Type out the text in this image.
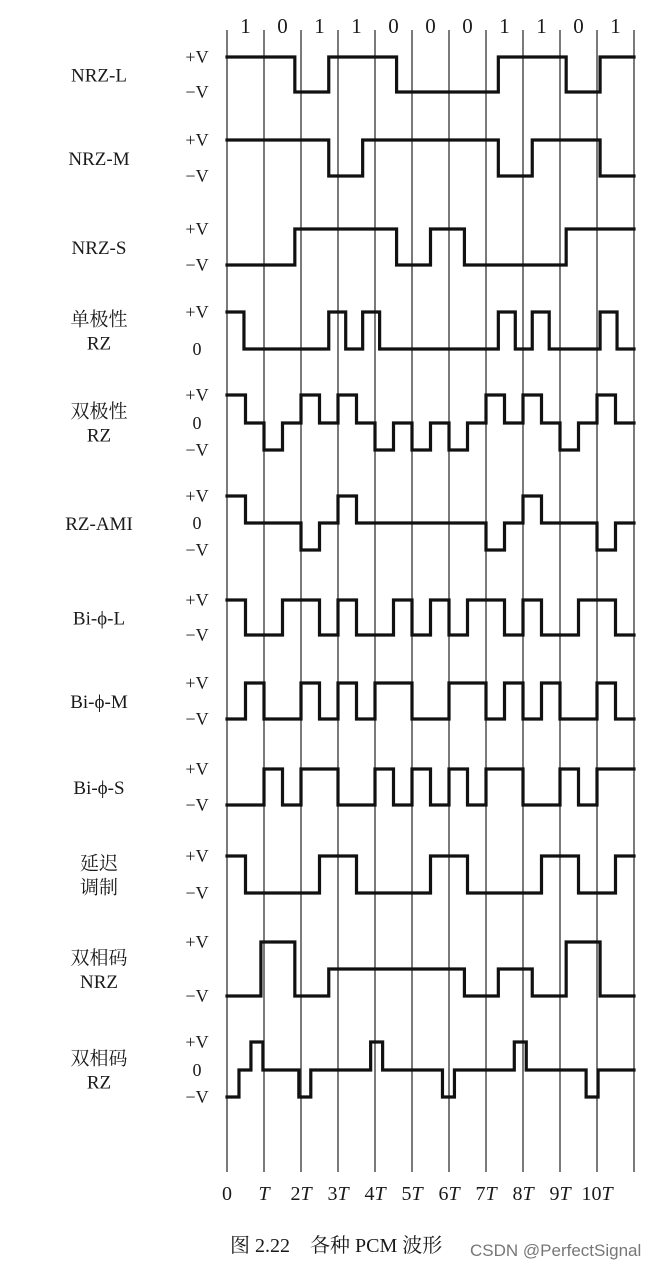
1 0 1 1 0 0 0 1 1 0 1
NRZ-L
+V
−V
NRZ-M
+V
−V
NRZ-S
+V
−V
单极性
RZ
+V
0
双极性
RZ
+V
0
−V
RZ-AMI
+V
0
−V
Bi-ϕ-L
+V
−V
Bi-ϕ-M
+V
−V
Bi-ϕ-S
+V
−V
延迟
调制
+V
−V
双相码
NRZ
+V
−V
双相码
RZ
+V
0
−V
0 T 2T 3T 4T 5T 6T 7T 8T 9T 10T
图 2.22　各种 PCM 波形 CSDN @PerfectSignal
